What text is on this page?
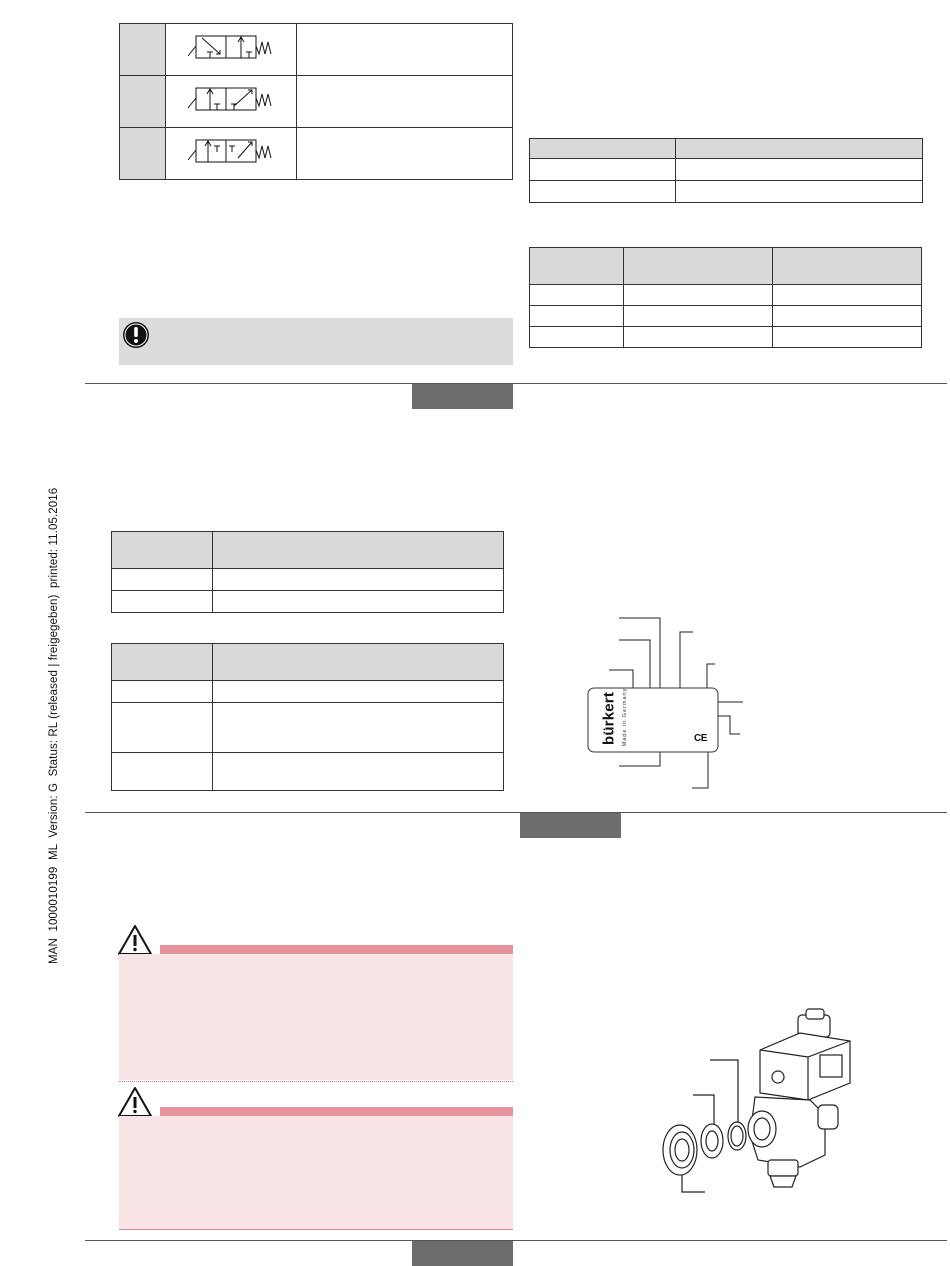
MAN  1000010199  ML  Version: G  Status: RL (released | freigegeben)  printed: 11.05.2016

		bürkert Made in Germany	CE
